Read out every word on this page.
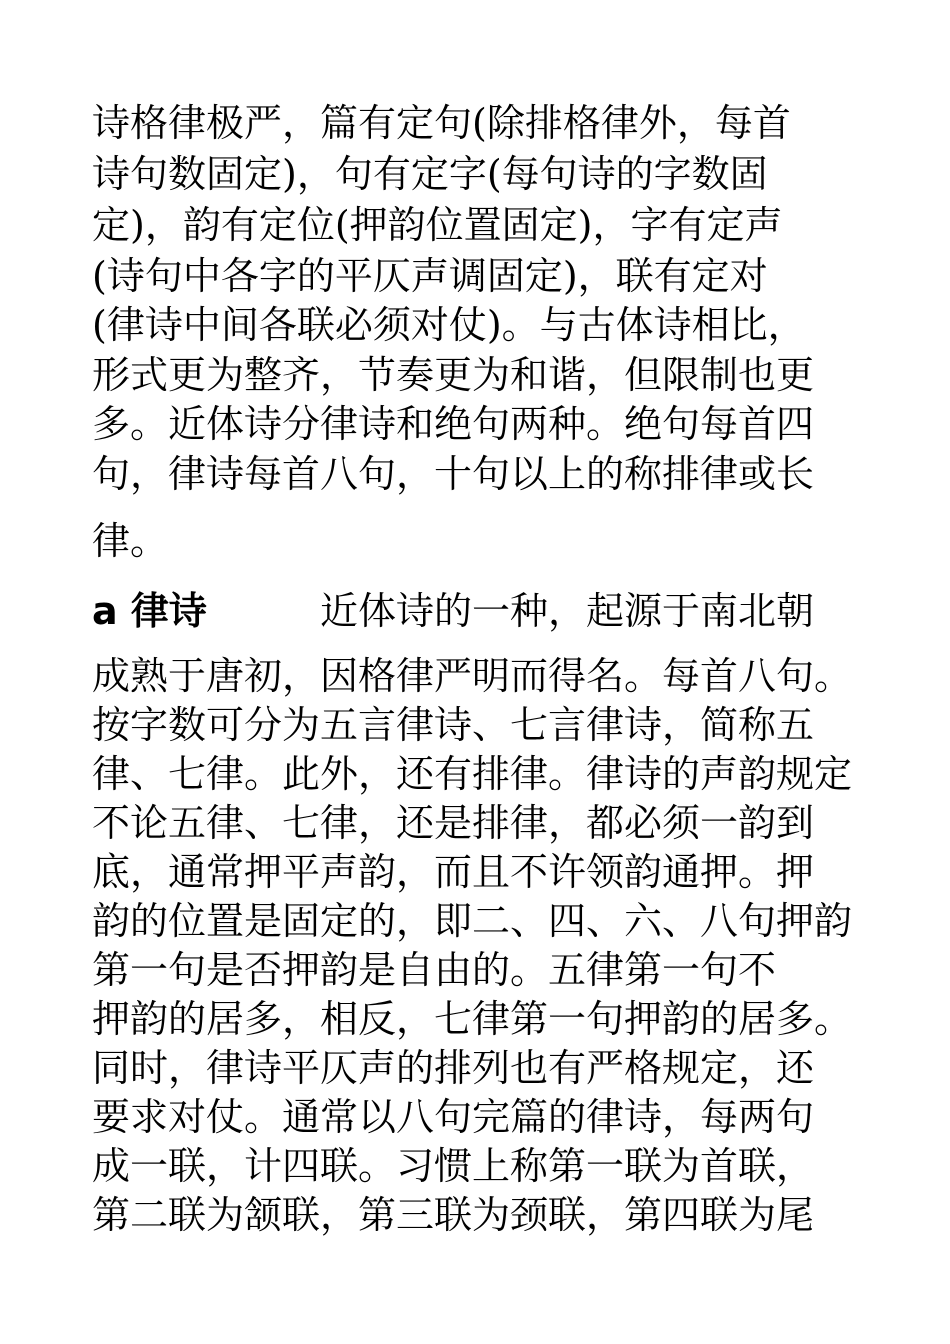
诗格律极严，篇有定句(除排格律外，每首
诗句数固定)，句有定字(每句诗的字数固
定)，韵有定位(押韵位置固定)，字有定声
(诗句中各字的平仄声调固定)，联有定对
(律诗中间各联必须对仗)。与古体诗相比，
形式更为整齐，节奏更为和谐，但限制也更
多。近体诗分律诗和绝句两种。绝句每首四
句，律诗每首八句，十句以上的称排律或长
律。
a 律诗	近体诗的一种，起源于南北朝
成熟于唐初，因格律严明而得名。每首八句。
按字数可分为五言律诗、七言律诗，简称五
律、七律。此外，还有排律。律诗的声韵规定
不论五律、七律，还是排律，都必须一韵到
底，通常押平声韵，而且不许领韵通押。押
韵的位置是固定的，即二、四、六、八句押韵
第一句是否押韵是自由的。五律第一句不
押韵的居多，相反，七律第一句押韵的居多。
同时，律诗平仄声的排列也有严格规定，还
要求对仗。通常以八句完篇的律诗，每两句
成一联，计四联。习惯上称第一联为首联，
第二联为颔联，第三联为颈联，第四联为尾
